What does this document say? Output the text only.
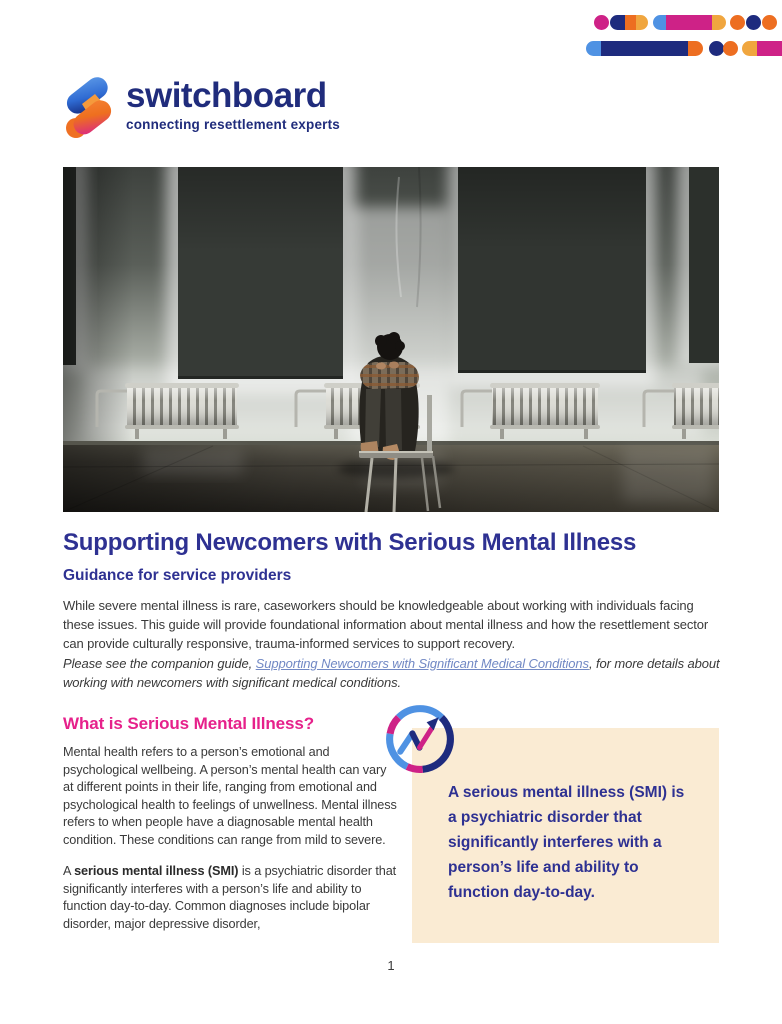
switchboard
connecting resettlement experts
Supporting Newcomers with Serious Mental Illness
Guidance for service providers

While severe mental illness is rare, caseworkers should be knowledgeable about working with individuals facing these issues. This guide will provide foundational information about mental illness and how the resettlement sector can provide culturally responsive, trauma-informed services to support recovery.

Please see the companion guide, Supporting Newcomers with Significant Medical Conditions, for more details about working with newcomers with significant medical conditions.

What is Serious Mental Illness?

Mental health refers to a person’s emotional and psychological wellbeing. A person’s mental health can vary at different points in their life, ranging from emotional and psychological health to feelings of unwellness. Mental illness refers to when people have a diagnosable mental health condition. These conditions can range from mild to severe.

A serious mental illness (SMI) is a psychiatric disorder that significantly interferes with a person’s life and ability to function day-to-day. Common diagnoses include bipolar disorder, major depressive disorder,

A serious mental illness (SMI) is a psychiatric disorder that significantly interferes with a person’s life and ability to function day-to-day.

1
